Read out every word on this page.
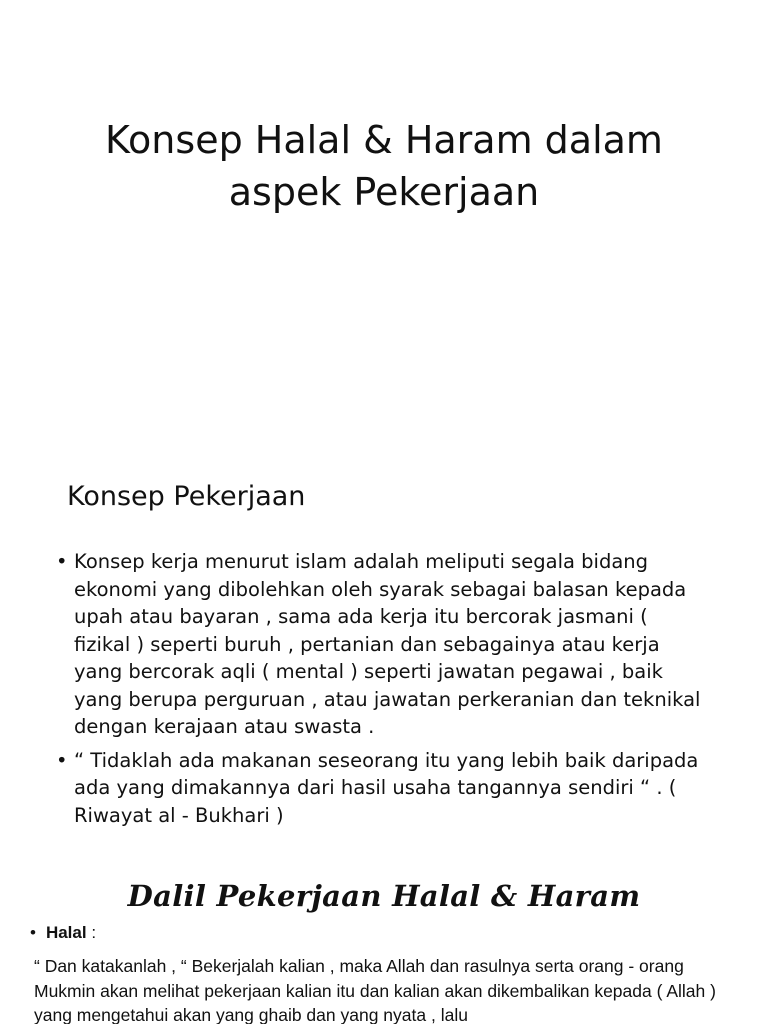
Konsep Halal & Haram dalam
aspek Pekerjaan
Konsep Pekerjaan
• Konsep kerja menurut islam adalah meliputi segala bidang ekonomi yang dibolehkan oleh syarak sebagai balasan kepada upah atau bayaran , sama ada kerja itu bercorak jasmani ( fizikal ) seperti buruh , pertanian dan sebagainya atau kerja yang bercorak aqli ( mental ) seperti jawatan pegawai , baik yang berupa perguruan , atau jawatan perkeranian dan teknikal dengan kerajaan atau swasta .
• “ Tidaklah ada makanan seseorang itu yang lebih baik daripada ada yang dimakannya dari hasil usaha tangannya sendiri “ . ( Riwayat al - Bukhari )
Dalil Pekerjaan Halal & Haram
• Halal :

“ Dan katakanlah , “ Bekerjalah kalian , maka Allah dan rasulnya serta orang - orang Mukmin akan melihat pekerjaan kalian itu dan kalian akan dikembalikan kepada ( Allah ) yang mengetahui akan yang ghaib dan yang nyata , lalu
